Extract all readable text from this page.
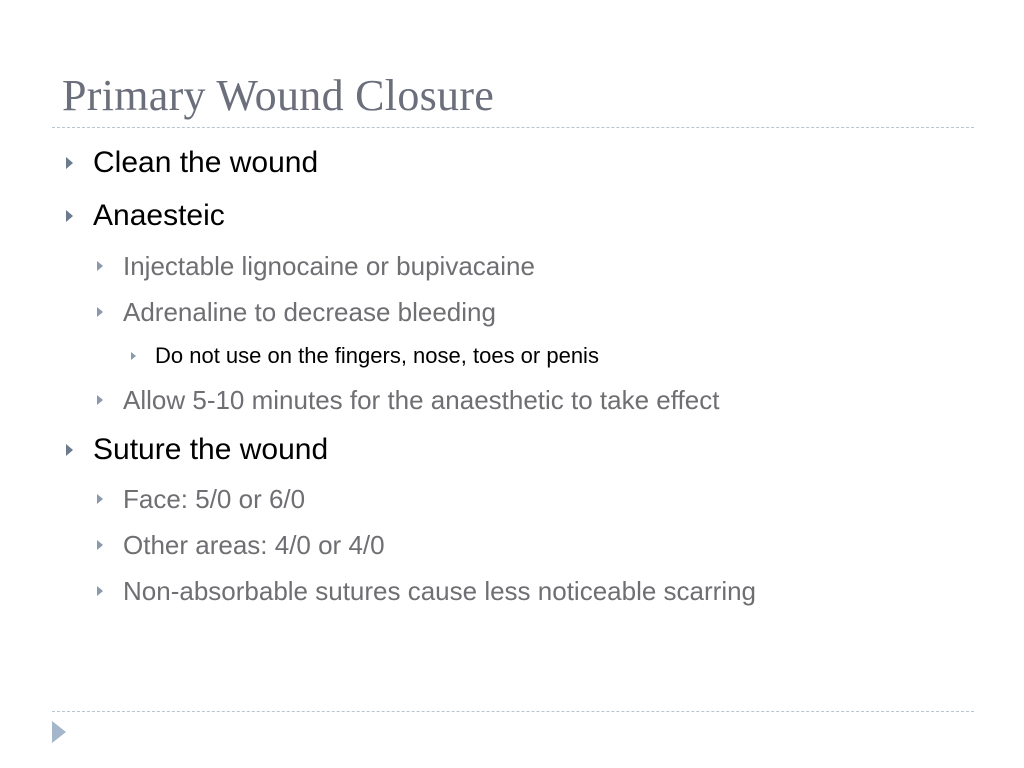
Primary Wound Closure
Clean the wound
Anaesteic
Injectable lignocaine or bupivacaine
Adrenaline to decrease bleeding
Do not use on the fingers, nose, toes or penis
Allow 5-10 minutes for the anaesthetic to take effect
Suture the wound
Face: 5/0 or 6/0
Other areas: 4/0 or 4/0
Non-absorbable sutures cause less noticeable scarring
